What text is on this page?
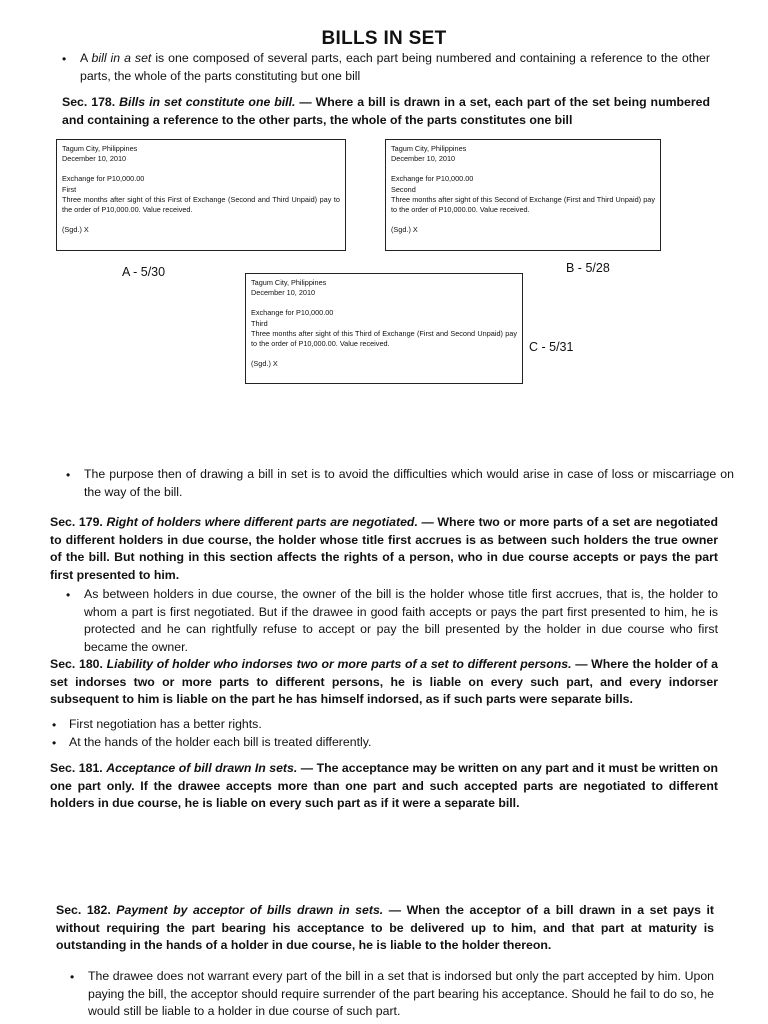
BILLS IN SET
• A bill in a set is one composed of several parts, each part being numbered and containing a reference to the other parts, the whole of the parts constituting but one bill
Sec. 178. Bills in set constitute one bill. — Where a bill is drawn in a set, each part of the set being numbered and containing a reference to the other parts, the whole of the parts constitutes one bill
Tagum City, Philippines
December 10, 2010
Exchange for P10,000.00
First
Three months after sight of this First of Exchange (Second and Third Unpaid) pay to the order of P10,000.00. Value received.
(Sgd.) X
Tagum City, Philippines
December 10, 2010
Exchange for P10,000.00
Second
Three months after sight of this Second of Exchange (First and Third Unpaid) pay to the order of P10,000.00. Value received.
(Sgd.) X
A - 5/30	B - 5/28
Tagum City, Philippines
December 10, 2010
Exchange for P10,000.00
Third
Three months after sight of this Third of Exchange (First and Second Unpaid) pay to the order of P10,000.00. Value received.
(Sgd.) X
C - 5/31
• The purpose then of drawing a bill in set is to avoid the difficulties which would arise in case of loss or miscarriage on the way of the bill.
Sec. 179. Right of holders where different parts are negotiated. — Where two or more parts of a set are negotiated to different holders in due course, the holder whose title first accrues is as between such holders the true owner of the bill. But nothing in this section affects the rights of a person, who in due course accepts or pays the part first presented to him.
• As between holders in due course, the owner of the bill is the holder whose title first accrues, that is, the holder to whom a part is first negotiated. But if the drawee in good faith accepts or pays the part first presented to him, he is protected and he can rightfully refuse to accept or pay the bill presented by the holder in due course who first became the owner.
Sec. 180. Liability of holder who indorses two or more parts of a set to different persons. — Where the holder of a set indorses two or more parts to different persons, he is liable on every such part, and every indorser subsequent to him is liable on the part he has himself indorsed, as if such parts were separate bills.
• First negotiation has a better rights.
• At the hands of the holder each bill is treated differently.
Sec. 181. Acceptance of bill drawn In sets. — The acceptance may be written on any part and it must be written on one part only. If the drawee accepts more than one part and such accepted parts are negotiated to different holders in due course, he is liable on every such part as if it were a separate bill.
Sec. 182. Payment by acceptor of bills drawn in sets. — When the acceptor of a bill drawn in a set pays it without requiring the part bearing his acceptance to be delivered up to him, and that part at maturity is outstanding in the hands of a holder in due course, he is liable to the holder thereon.
• The drawee does not warrant every part of the bill in a set that is indorsed but only the part accepted by him. Upon paying the bill, the acceptor should require surrender of the part bearing his acceptance. Should he fail to do so, he would still be liable to a holder in due course of such part.
